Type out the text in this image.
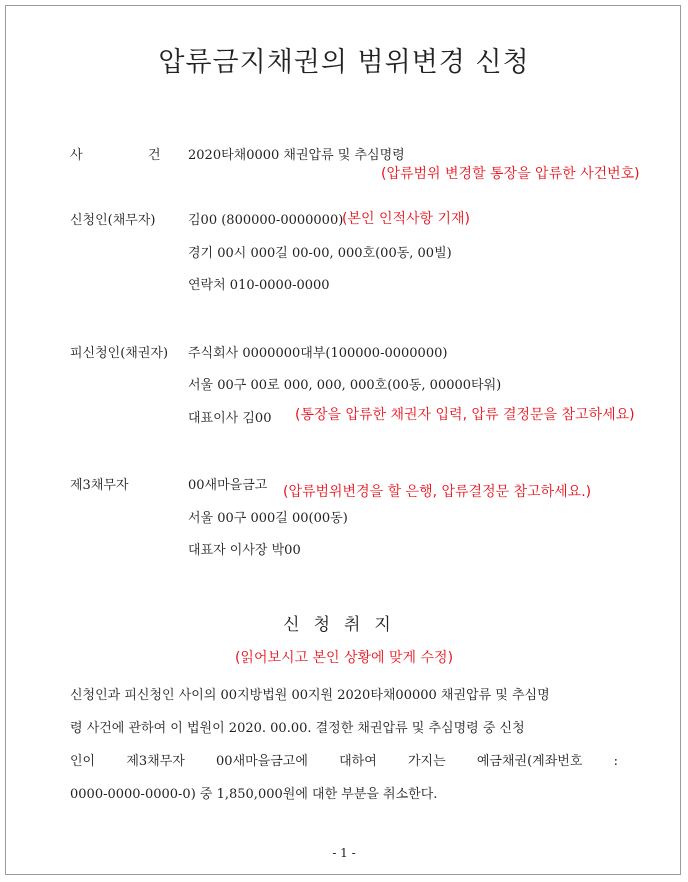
압류금지채권의 범위변경 신청
사	건 2020타채0000 채권압류 및 추심명령
(압류범위 변경할 통장을 압류한 사건번호)
신청인(채무자)	김00 (800000-0000000)
(본인 인적사항 기재)
경기 00시 000길 00-00, 000호(00동, 00빌)
연락처 010-0000-0000
피신청인(채권자) 주식회사 0000000대부(100000-0000000)
서울 00구 00로 000, 000, 000호(00동, 00000타워)
대표이사 김00 (통장을 압류한 채권자 입력, 압류 결정문을 참고하세요)
제3채무자	00새마을금고 (압류범위변경을 할 은행, 압류결정문 참고하세요.)
서울 00구 000길 00(00동)
대표자 이사장 박00
신청취지
(읽어보시고 본인 상황에 맞게 수정)
신청인과 피신청인 사이의 00지방법원 00지원 2020타채00000 채권압류 및 추심명
령 사건에 관하여 이 법원이 2020. 00.00. 결정한 채권압류 및 추심명령 중 신청
인이 제3채무자 00새마을금고에 대하여 가지는 예금채권(계좌번호 :
0000-0000-0000-0) 중 1,850,000원에 대한 부분을 취소한다.
- 1 -
